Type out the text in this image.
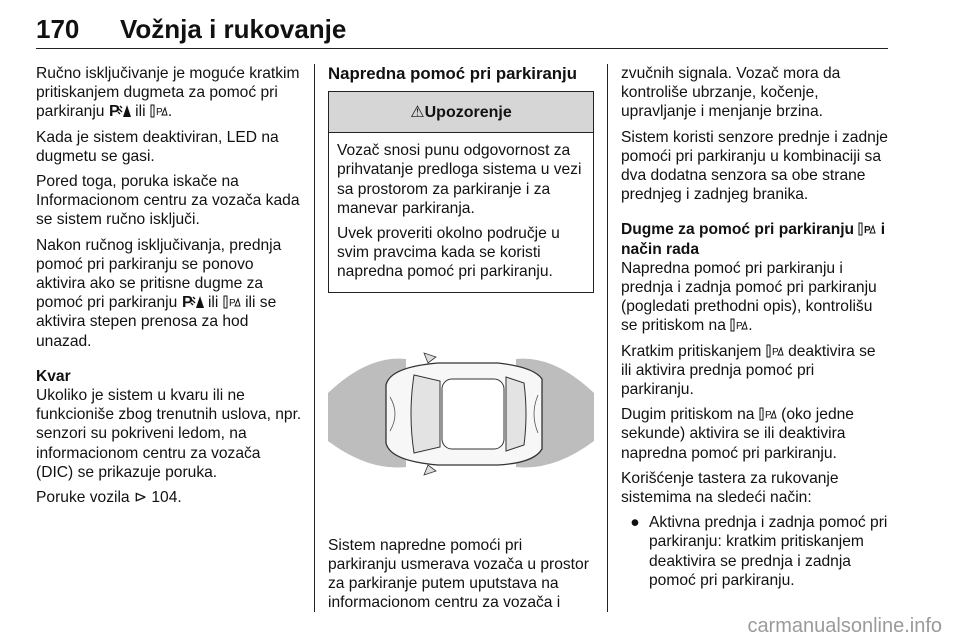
170 Vožnja i rukovanje

Ručno isključivanje je moguće kratkim pritiskanjem dugmeta za pomoć pri parkiranju ili .

Kada je sistem deaktiviran, LED na dugmetu se gasi.

Pored toga, poruka iskače na Informacionom centru za vozača kada se sistem ručno isključi.

Nakon ručnog isključivanja, prednja pomoć pri parkiranju se ponovo aktivira ako se pritisne dugme za pomoć pri parkiranju ili ili se aktivira stepen prenosa za hod unazad.

Kvar

Ukoliko je sistem u kvaru ili ne funkcioniše zbog trenutnih uslova, npr. senzori su pokriveni ledom, na informacionom centru za vozača (DIC) se prikazuje poruka.

Poruke vozila ⊳ 104.

Napredna pomoć pri parkiranju
⚠ Upozorenje

Vozač snosi punu odgovornost za prihvatanje predloga sistema u vezi sa prostorom za parkiranje i za manevar parkiranja.

Uvek proveriti okolno područje u svim pravcima kada se koristi napredna pomoć pri parkiranju.

Sistem napredne pomoći pri parkiranju usmerava vozača u prostor za parkiranje putem uputstava na informacionom centru za vozača i

zvučnih signala. Vozač mora da kontroliše ubrzanje, kočenje, upravljanje i menjanje brzina.

Sistem koristi senzore prednje i zadnje pomoći pri parkiranju u kombinaciji sa dva dodatna senzora sa obe strane prednjeg i zadnjeg branika.

Dugme za pomoć pri parkiranju i način rada

Napredna pomoć pri parkiranju i prednja i zadnja pomoć pri parkiranju (pogledati prethodni opis), kontrolišu se pritiskom na .

Kratkim pritiskanjem deaktivira se ili aktivira prednja pomoć pri parkiranju.

Dugim pritiskom na (oko jedne sekunde) aktivira se ili deaktivira napredna pomoć pri parkiranju.

Korišćenje tastera za rukovanje sistemima na sledeći način:

● Aktivna prednja i zadnja pomoć pri parkiranju: kratkim pritiskanjem deaktivira se prednja i zadnja pomoć pri parkiranju.
carmanualsonline.info
